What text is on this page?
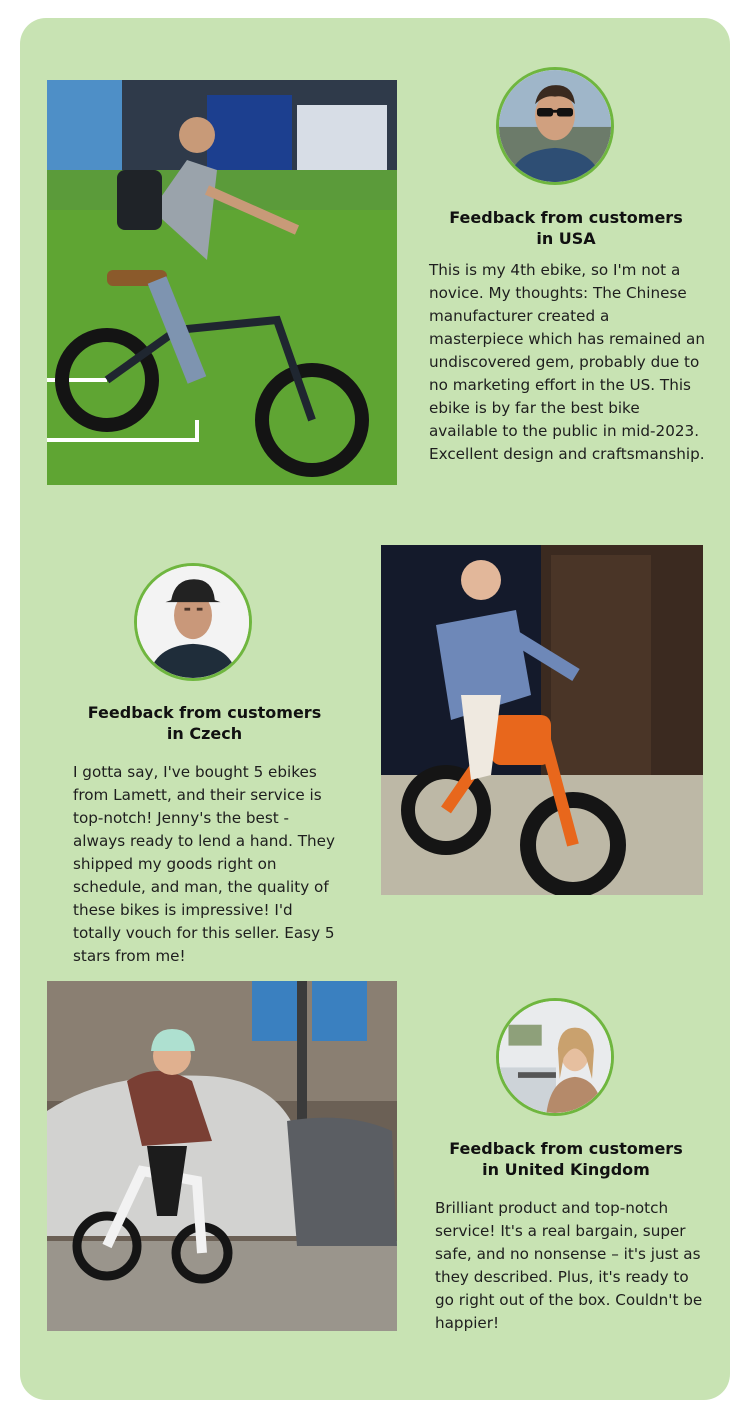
Feedback from customers
in USA

This is my 4th ebike, so I'm not a novice. My thoughts: The Chinese manufacturer created a masterpiece which has remained an undiscovered gem, probably due to no marketing effort in the US. This ebike is by far the best bike available to the public in mid-2023. Excellent design and craftsmanship.

Feedback from customers
in Czech

I gotta say, I've bought 5 ebikes from Lamett, and their service is top-notch! Jenny's the best - always ready to lend a hand. They shipped my goods right on schedule, and man, the quality of these bikes is impressive! I'd totally vouch for this seller. Easy 5 stars from me!

Feedback from customers
in United Kingdom

Brilliant product and top-notch service! It's a real bargain, super safe, and no nonsense – it's just as they described. Plus, it's ready to go right out of the box. Couldn't be happier!
